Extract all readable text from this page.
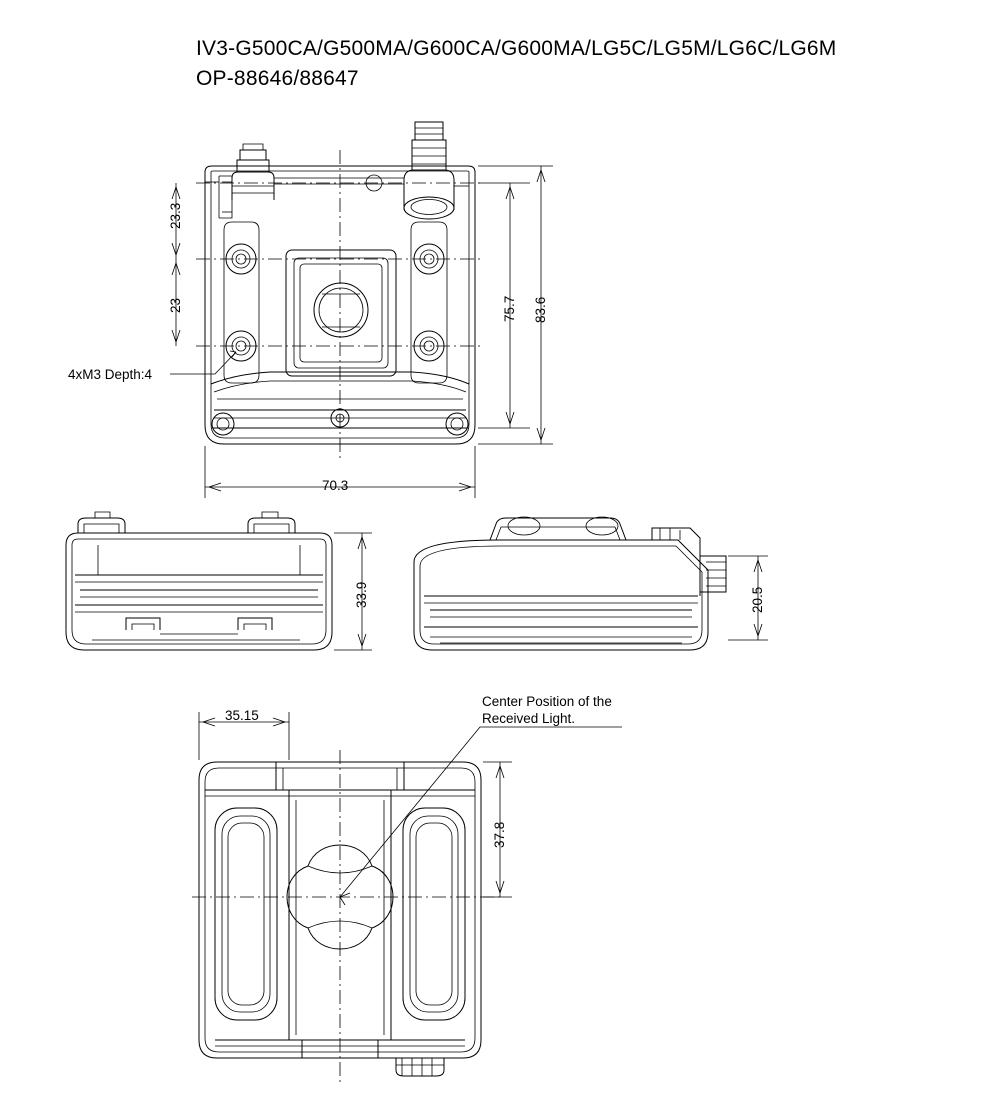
IV3-G500CA/G500MA/G600CA/G600MA/LG5C/LG5M/LG6C/LG6M
OP-88646/88647
23.3
23	75.7 83.6
70.3
33.9	20.5
35.15
37.8
4xM3 Depth:4
Center Position of the
Received Light.
